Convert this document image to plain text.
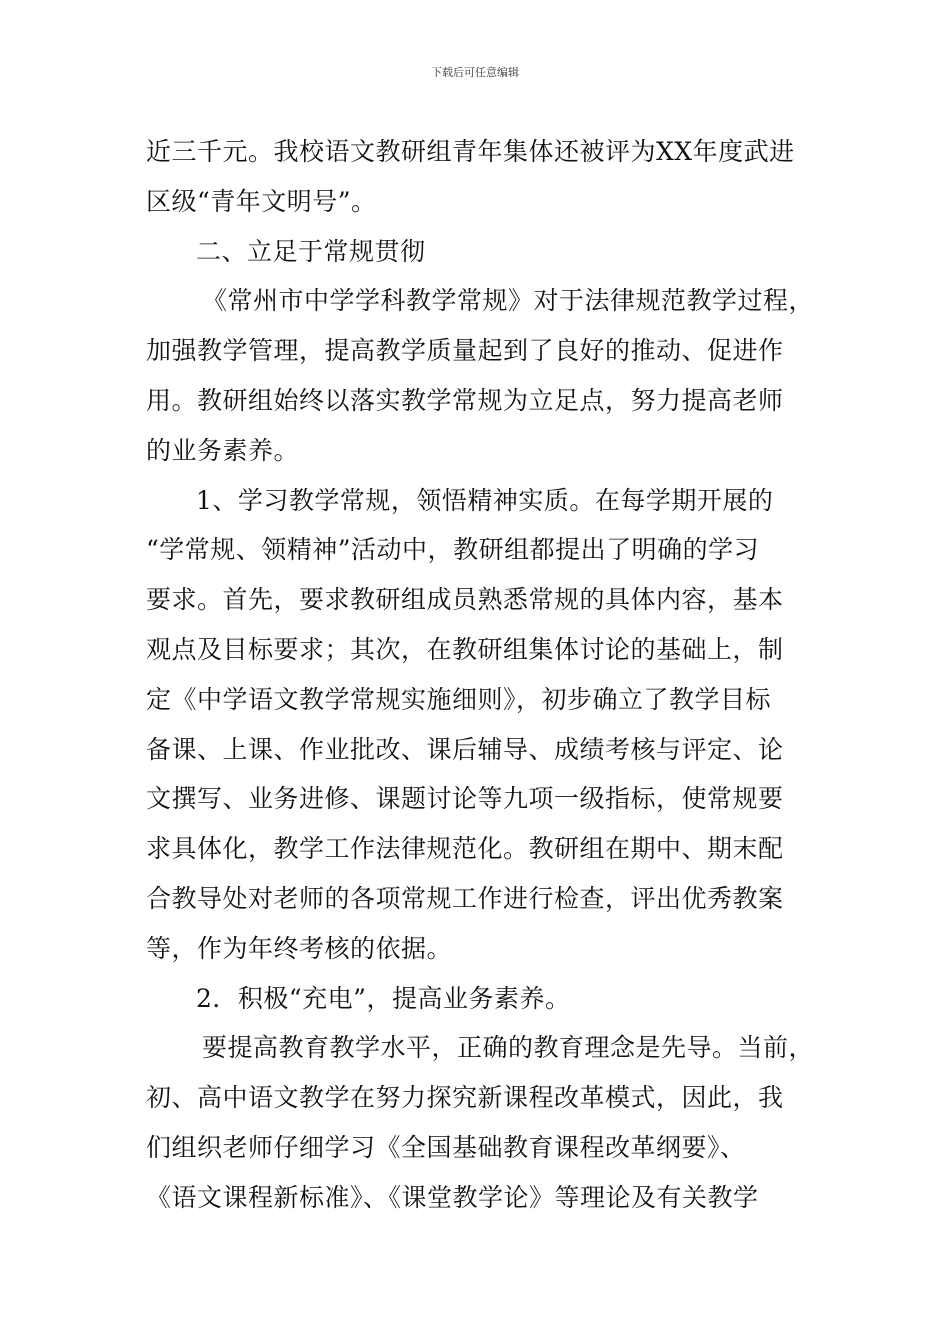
下载后可任意编辑
近三千元。我校语文教研组青年集体还被评为XX年度武进
区级“青年文明号”。
二、立足于常规贯彻
《常州市中学学科教学常规》对于法律规范教学过程，
加强教学管理，提高教学质量起到了良好的推动、促进作
用。教研组始终以落实教学常规为立足点，努力提高老师
的业务素养。
1、学习教学常规，领悟精神实质。在每学期开展的
“学常规、领精神”活动中，教研组都提出了明确的学习
要求。首先，要求教研组成员熟悉常规的具体内容，基本
观点及目标要求；其次，在教研组集体讨论的基础上，制
定《中学语文教学常规实施细则》，初步确立了教学目标
备课、上课、作业批改、课后辅导、成绩考核与评定、论
文撰写、业务进修、课题讨论等九项一级指标，使常规要
求具体化，教学工作法律规范化。教研组在期中、期末配
合教导处对老师的各项常规工作进行检查，评出优秀教案
等，作为年终考核的依据。
2．积极“充电”，提高业务素养。
要提高教育教学水平，正确的教育理念是先导。当前，
初、高中语文教学在努力探究新课程改革模式，因此，我
们组织老师仔细学习《全国基础教育课程改革纲要》、
《语文课程新标准》、《课堂教学论》等理论及有关教学
